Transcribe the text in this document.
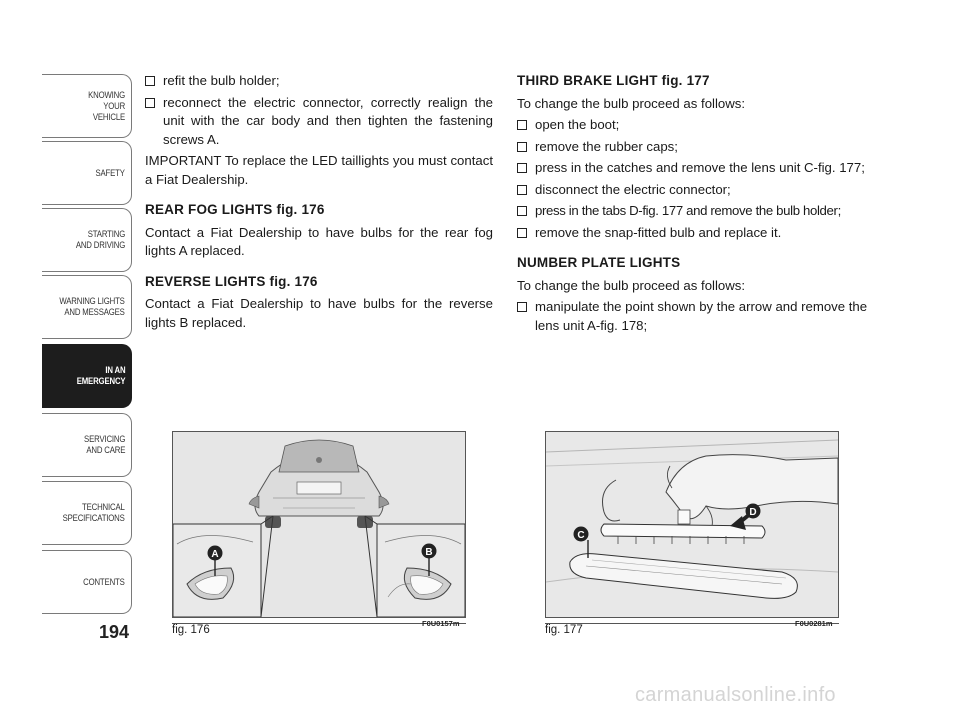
KNOWING
YOUR
VEHICLE
SAFETY
STARTING
AND DRIVING
WARNING LIGHTS
AND MESSAGES
IN AN
EMERGENCY
SERVICING
AND CARE
TECHNICAL
SPECIFICATIONS
CONTENTS
194
refit the bulb holder;
reconnect the electric connector, correctly realign the unit with the car body and then tighten the fastening screws A.

IMPORTANT To replace the LED taillights you must contact a Fiat Dealership.

REAR FOG LIGHTS fig. 176

Contact a Fiat Dealership to have bulbs for the rear fog lights A replaced.

REVERSE LIGHTS fig. 176

Contact a Fiat Dealership to have bulbs for the reverse lights B replaced.

THIRD BRAKE LIGHT fig. 177

To change the bulb proceed as follows:

open the boot;
remove the rubber caps;
press in the catches and remove the lens unit C-fig. 177;
disconnect the electric connector;
press in the tabs D-fig. 177 and remove the bulb holder;
remove the snap-fitted bulb and replace it.

NUMBER PLATE LIGHTS

To change the bulb proceed as follows:

manipulate the point shown by the arrow and remove the lens unit A-fig. 178;
A	B
fig. 176
F0U0157m
D
C
fig. 177
F0U0281m
carmanualsonline.info
